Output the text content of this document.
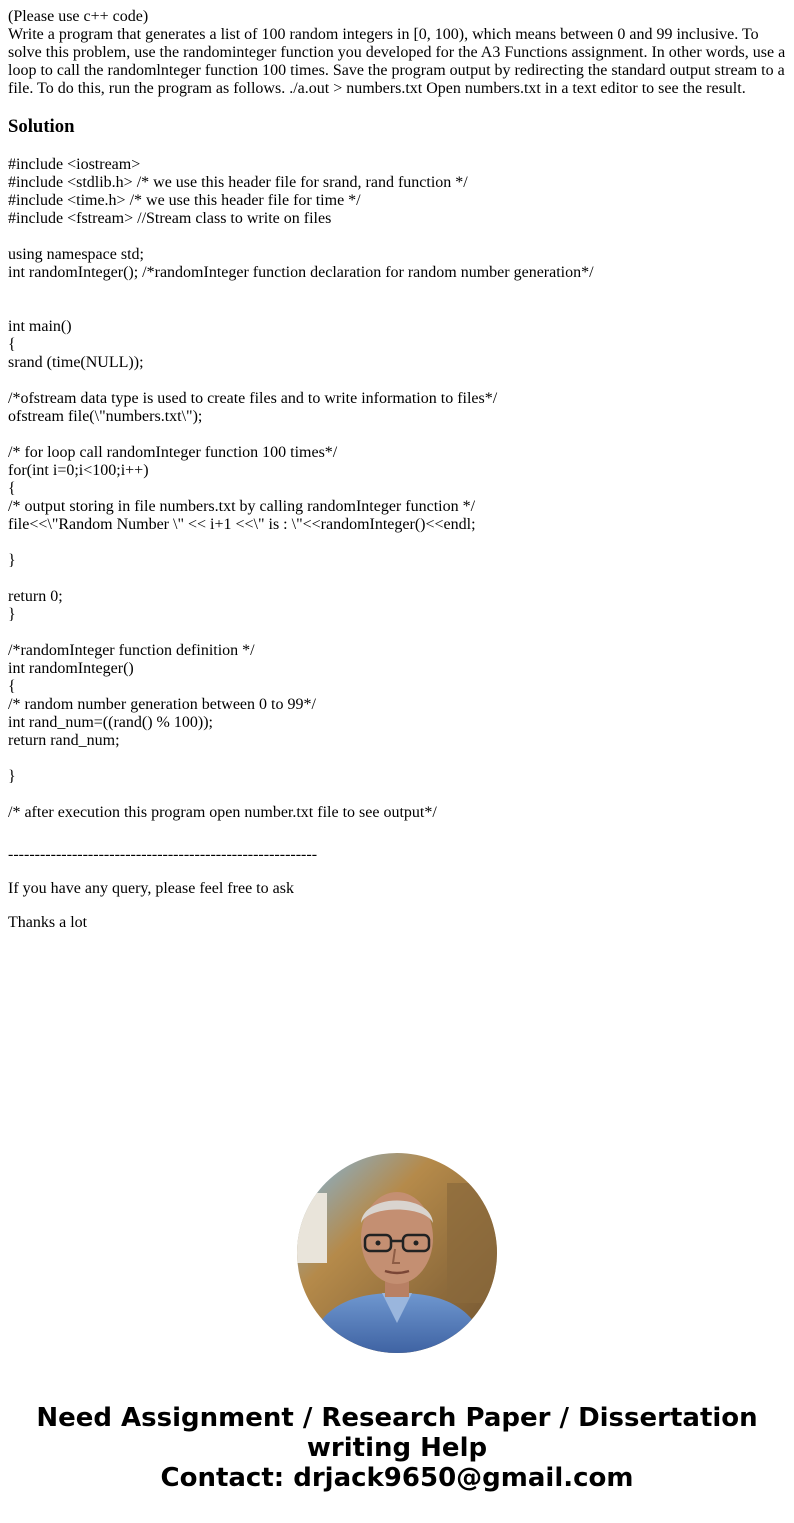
(Please use c++ code)
Write a program that generates a list of 100 random integers in [0, 100), which means between 0 and 99 inclusive. To solve this problem, use the randominteger function you developed for the A3 Functions assignment. In other words, use a loop to call the randomlnteger function 100 times. Save the program output by redirecting the standard output stream to a file. To do this, run the program as follows. ./a.out > numbers.txt Open numbers.txt in a text editor to see the result.
Solution
#include <iostream>
#include <stdlib.h> /* we use this header file for srand, rand function */
#include <time.h> /* we use this header file for time */
#include <fstream> //Stream class to write on files
using namespace std;
int randomInteger(); /*randomInteger function declaration for random number generation*/
int main()
{
srand (time(NULL));
/*ofstream data type is used to create files and to write information to files*/
ofstream file(\"numbers.txt\");
/* for loop call randomInteger function 100 times*/
for(int i=0;i<100;i++)
{
/* output storing in file numbers.txt by calling randomInteger function */
file<<\"Random Number \" << i+1 <<\" is : \"<<randomInteger()<<endl;
}
return 0;
}
/*randomInteger function definition */
int randomInteger()
{
/* random number generation between 0 to 99*/
int rand_num=((rand() % 100));
return rand_num;
}
/* after execution this program open number.txt file to see output*/
----------------------------------------------------------
If you have any query, please feel free to ask
Thanks a lot
Need Assignment / Research Paper / Dissertation
writing Help
Contact: drjack9650@gmail.com
